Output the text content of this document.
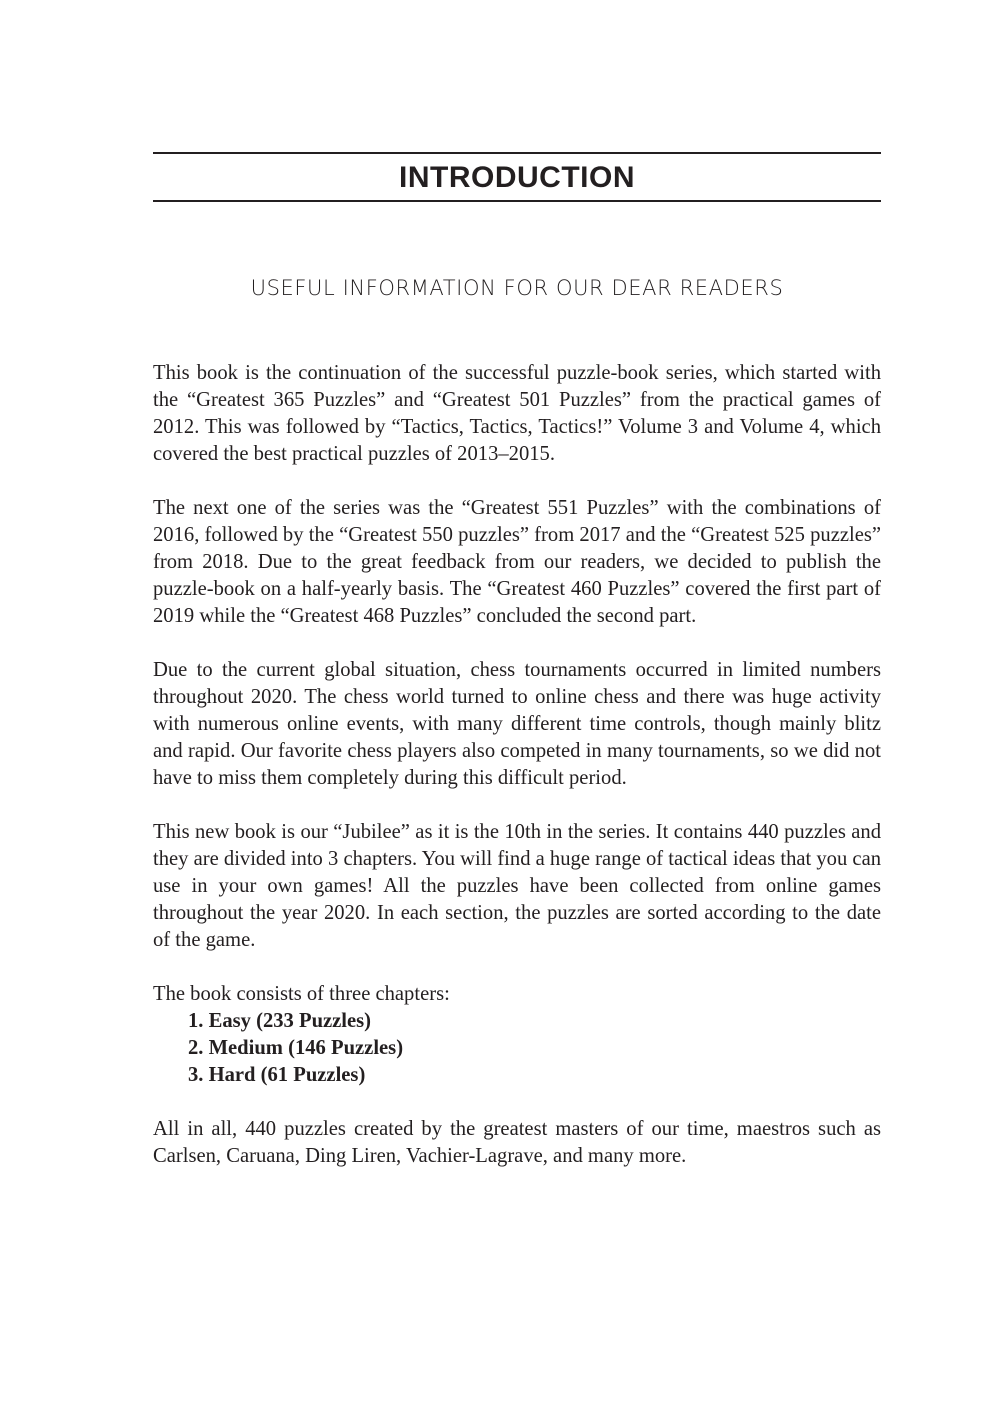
INTRODUCTION
USEFUL INFORMATION FOR OUR DEAR READERS

This book is the continuation of the successful puzzle-book series, which started with the “Greatest 365 Puzzles” and “Greatest 501 Puzzles” from the practical games of 2012. This was followed by “Tactics, Tactics, Tactics!” Volume 3 and Volume 4, which covered the best practical puzzles of 2013–2015.

The next one of the series was the “Greatest 551 Puzzles” with the combinations of 2016, followed by the “Greatest 550 puzzles” from 2017 and the “Greatest 525 puzzles” from 2018. Due to the great feedback from our readers, we decided to publish the puzzle-book on a half-yearly basis. The “Greatest 460 Puzzles” covered the first part of 2019 while the “Greatest 468 Puzzles” concluded the second part.

Due to the current global situation, chess tournaments occurred in limited numbers throughout 2020. The chess world turned to online chess and there was huge activity with numerous online events, with many different time controls, though mainly blitz and rapid. Our favorite chess players also competed in many tournaments, so we did not have to miss them completely during this difficult period.

This new book is our “Jubilee” as it is the 10th in the series. It contains 440 puzzles and they are divided into 3 chapters. You will find a huge range of tactical ideas that you can use in your own games! All the puzzles have been collected from online games throughout the year 2020. In each section, the puzzles are sorted according to the date of the game.

The book consists of three chapters:

1. Easy (233 Puzzles)
2. Medium (146 Puzzles)
3. Hard (61 Puzzles)

All in all, 440 puzzles created by the greatest masters of our time, maestros such as Carlsen, Caruana, Ding Liren, Vachier-Lagrave, and many more.
